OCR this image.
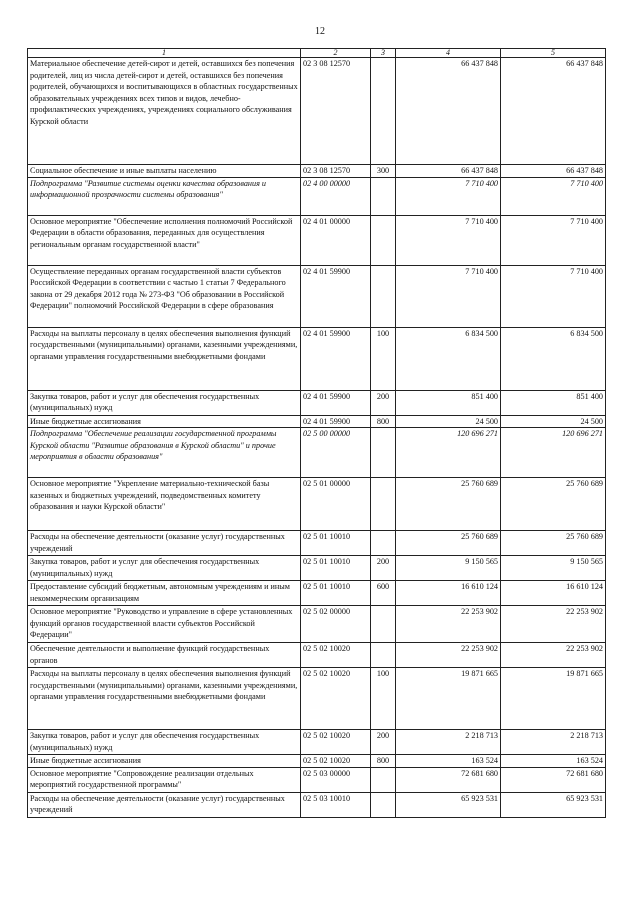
12
1	2	3	4	5
Материальное обеспечение детей-сирот и детей, оставшихся без попечения родителей, лиц из числа детей-сирот и детей, оставшихся без попечения родителей, обучающихся и воспитывающихся в областных государственных образовательных учреждениях всех типов и видов, лечебно-профилактических учреждениях, учреждениях социального обслуживания Курской области	02 3 08 12570		66 437 848	66 437 848
Социальное обеспечение и иные выплаты населению	02 3 08 12570	300	66 437 848	66 437 848
Подпрограмма "Развитие системы оценки качества образования и информационной прозрачности системы образования"	02 4 00 00000		7 710 400	7 710 400
Основное мероприятие "Обеспечение исполнения полномочий Российской Федерации в области образования, переданных для осуществления региональным органам государственной власти"	02 4 01 00000		7 710 400	7 710 400
Осуществление переданных органам государственной власти субъектов Российской Федерации в соответствии с частью 1 статьи 7 Федерального закона от 29 декабря 2012 года № 273-ФЗ "Об образовании в Российской Федерации" полномочий Российской Федерации в сфере образования	02 4 01 59900		7 710 400	7 710 400
Расходы на выплаты персоналу в целях обеспечения выполнения функций государственными (муниципальными) органами, казенными учреждениями, органами управления государственными внебюджетными фондами	02 4 01 59900	100	6 834 500	6 834 500
Закупка товаров, работ и услуг для обеспечения государственных (муниципальных) нужд	02 4 01 59900	200	851 400	851 400
Иные бюджетные ассигнования	02 4 01 59900	800	24 500	24 500
Подпрограмма "Обеспечение реализации государственной программы Курской области "Развитие образования в Курской области" и прочие мероприятия в области образования"	02 5 00 00000		120 696 271	120 696 271
Основное мероприятие "Укрепление материально-технической базы казенных и бюджетных учреждений, подведомственных комитету образования и науки Курской области"	02 5 01 00000		25 760 689	25 760 689
Расходы на обеспечение деятельности (оказание услуг) государственных учреждений	02 5 01 10010		25 760 689	25 760 689
Закупка товаров, работ и услуг для обеспечения государственных (муниципальных) нужд	02 5 01 10010	200	9 150 565	9 150 565
Предоставление субсидий бюджетным, автономным учреждениям и иным некоммерческим организациям	02 5 01 10010	600	16 610 124	16 610 124
Основное мероприятие "Руководство и управление в сфере установленных функций органов государственной власти субъектов Российской Федерации"	02 5 02 00000		22 253 902	22 253 902
Обеспечение деятельности и выполнение функций государственных органов	02 5 02 10020		22 253 902	22 253 902
Расходы на выплаты персоналу в целях обеспечения выполнения функций государственными (муниципальными) органами, казенными учреждениями, органами управления государственными внебюджетными фондами	02 5 02 10020	100	19 871 665	19 871 665
Закупка товаров, работ и услуг для обеспечения государственных (муниципальных) нужд	02 5 02 10020	200	2 218 713	2 218 713
Иные бюджетные ассигнования	02 5 02 10020	800	163 524	163 524
Основное мероприятие "Сопровождение реализации отдельных мероприятий государственной программы"	02 5 03 00000		72 681 680	72 681 680
Расходы на обеспечение деятельности (оказание услуг) государственных учреждений	02 5 03 10010		65 923 531	65 923 531
